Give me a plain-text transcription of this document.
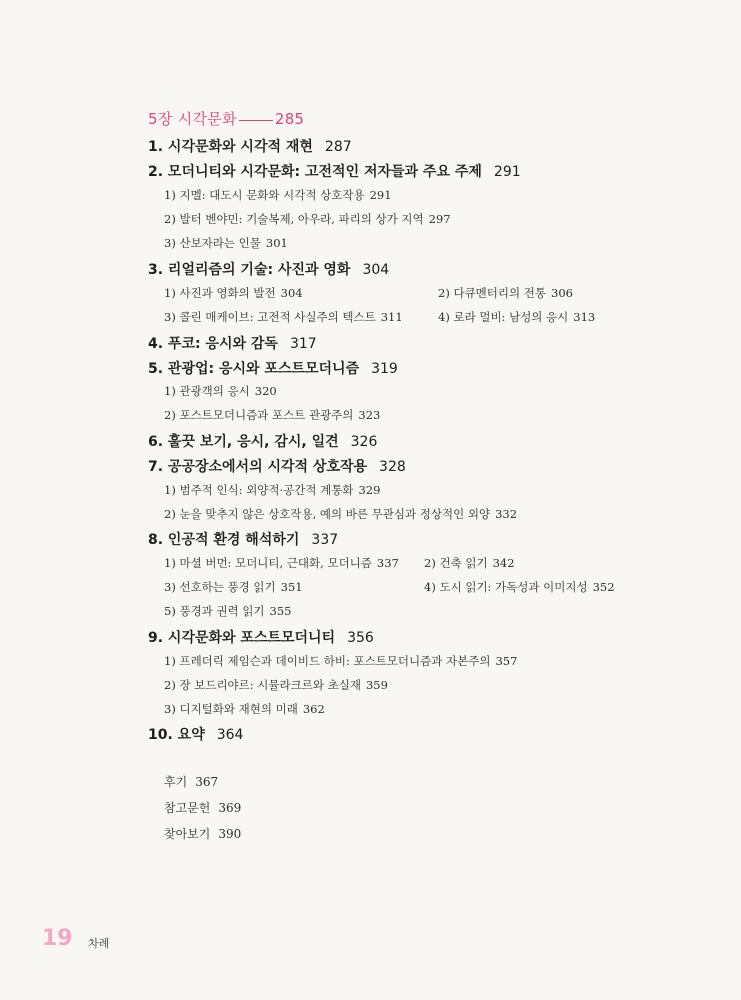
5장 시각문화	285
1. 시각문화와 시각적 재현 287
2. 모더니티와 시각문화: 고전적인 저자들과 주요 주제 291
1) 지멜: 대도시 문화와 시각적 상호작용 291
2) 발터 벤야민: 기술복제, 아우라, 파리의 상가 지역 297
3) 산보자라는 인물 301
3. 리얼리즘의 기술: 사진과 영화 304
1) 사진과 영화의 발전 304	2) 다큐멘터리의 전통 306
3) 콜린 매케이브: 고전적 사실주의 텍스트 311	4) 로라 멀비: 남성의 응시 313
4. 푸코: 응시와 감독 317
5. 관광업: 응시와 포스트모더니즘 319
1) 관광객의 응시 320
2) 포스트모더니즘과 포스트 관광주의 323
6. 훌끗 보기, 응시, 감시, 일견 326
7. 공공장소에서의 시각적 상호작용 328
1) 범주적 인식: 외양적·공간적 계통화 329
2) 눈을 맞추지 않은 상호작용, 예의 바른 무관심과 정상적인 외양 332
8. 인공적 환경 해석하기 337
1) 마셜 버먼: 모더니티, 근대화, 모더니즘 337 2) 건축 읽기 342
3) 선호하는 풍경 읽기 351	4) 도시 읽기: 가독성과 이미지성 352
5) 풍경과 권력 읽기 355
9. 시각문화와 포스트모더니티 356
1) 프레더릭 제임슨과 데이비드 하비: 포스트모더니즘과 자본주의 357
2) 장 보드리야르: 시뮬라크르와 초실재 359
3) 디지털화와 재현의 미래 362
10. 요약 364
후기 367
참고문헌 369
찾아보기 390
19 차례
